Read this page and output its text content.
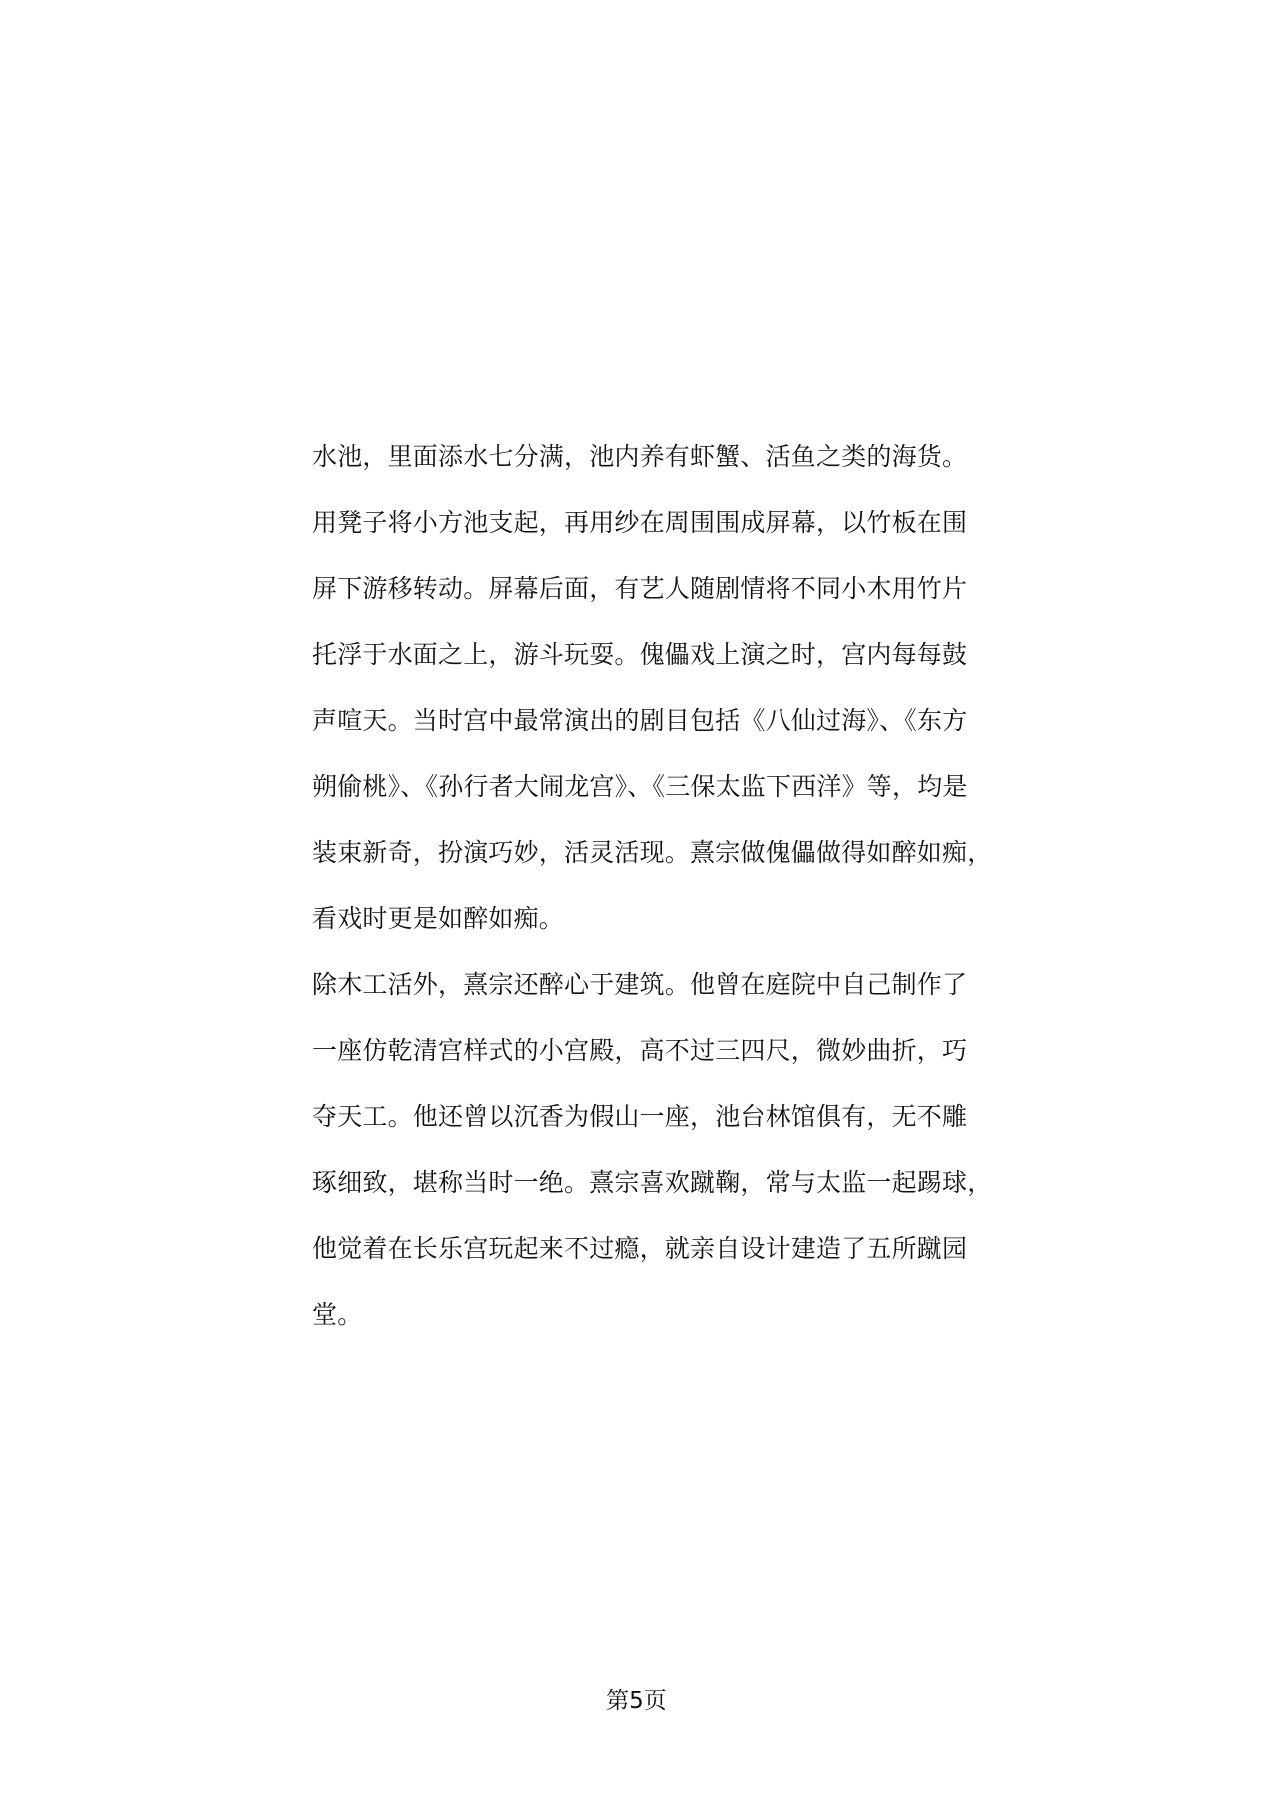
水池，里面添水七分满，池内养有虾蟹、活鱼之类的海货。
用凳子将小方池支起，再用纱在周围围成屏幕，以竹板在围
屏下游移转动。屏幕后面，有艺人随剧情将不同小木用竹片
托浮于水面之上，游斗玩耍。傀儡戏上演之时，宫内每每鼓
声喧天。当时宫中最常演出的剧目包括《八仙过海》、《东方
朔偷桃》、《孙行者大闹龙宫》、《三保太监下西洋》等，均是
装束新奇，扮演巧妙，活灵活现。熹宗做傀儡做得如醉如痴，
看戏时更是如醉如痴。
除木工活外，熹宗还醉心于建筑。他曾在庭院中自己制作了
一座仿乾清宫样式的小宫殿，高不过三四尺，微妙曲折，巧
夺天工。他还曾以沉香为假山一座，池台林馆俱有，无不雕
琢细致，堪称当时一绝。熹宗喜欢蹴鞠，常与太监一起踢球，
他觉着在长乐宫玩起来不过瘾，就亲自设计建造了五所蹴园
堂。
第5页
